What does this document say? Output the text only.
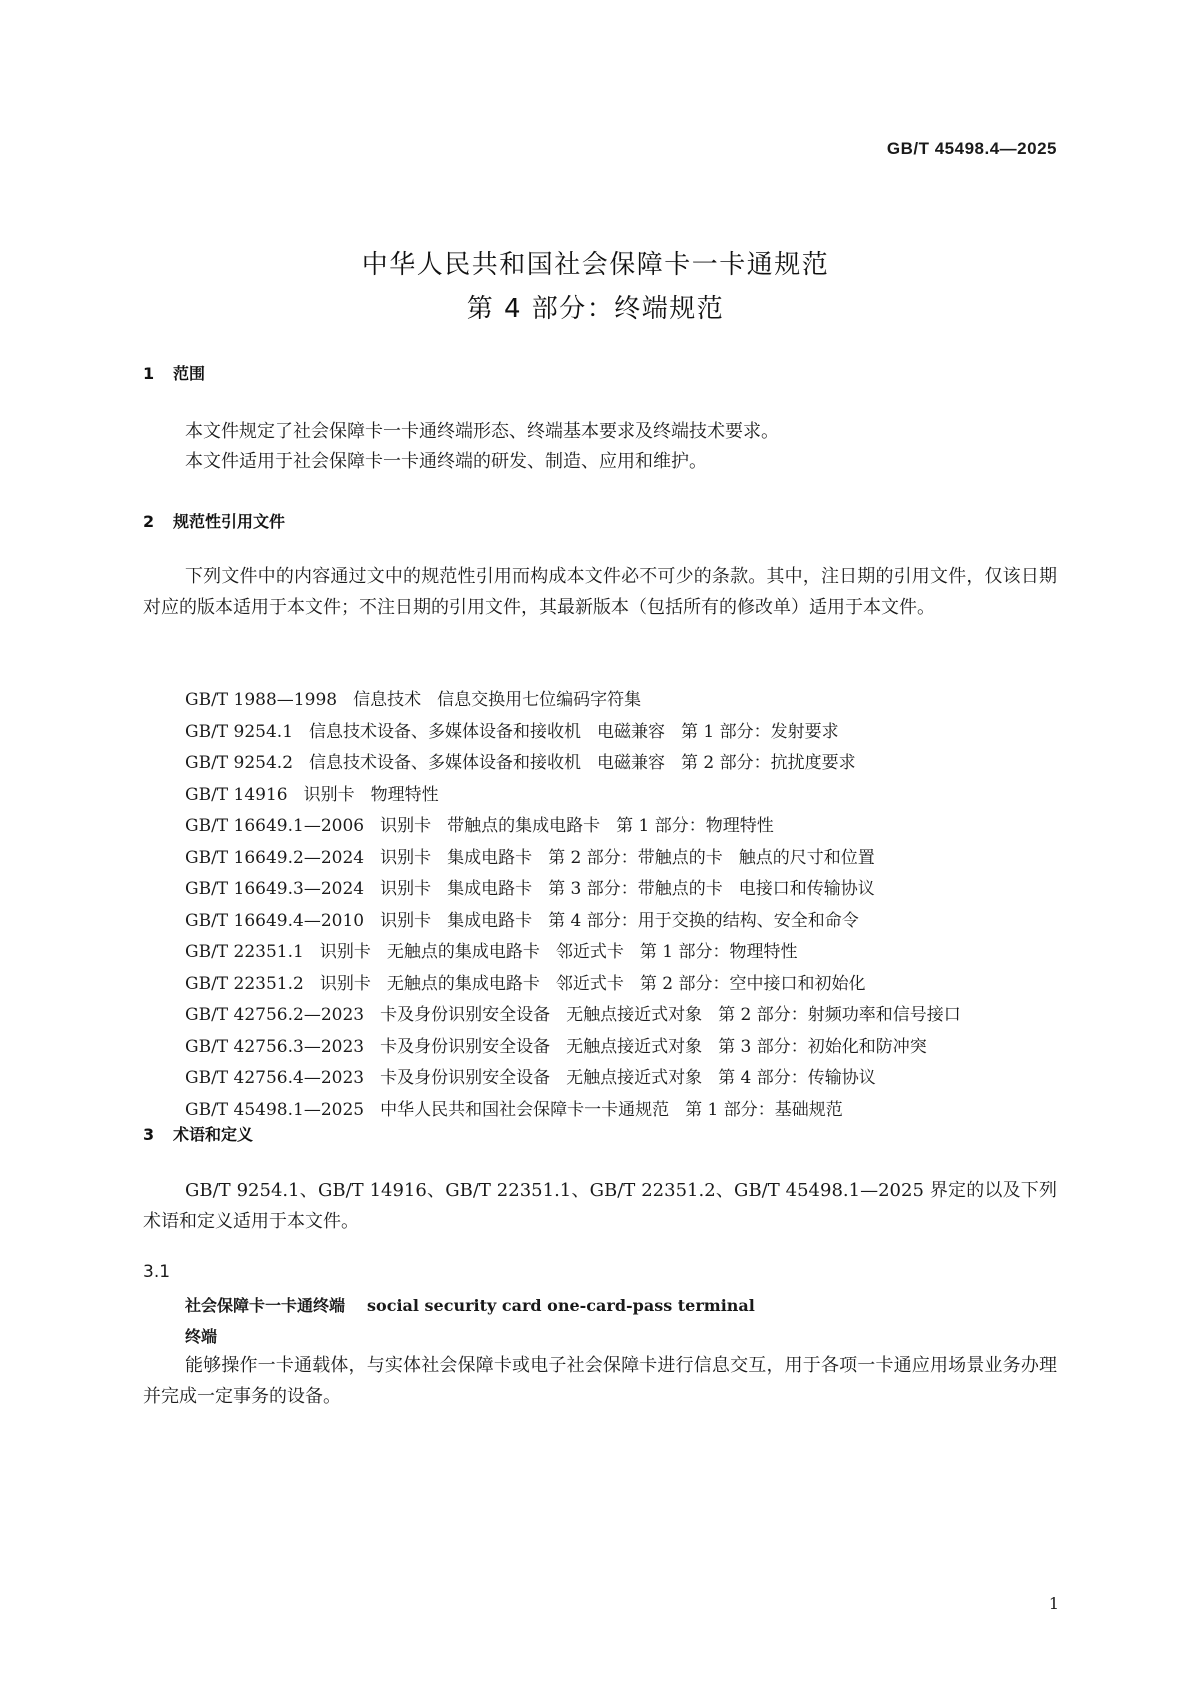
GB/T 45498.4—2025
中华人民共和国社会保障卡一卡通规范
第 4 部分：终端规范
1 范围
本文件规定了社会保障卡一卡通终端形态、终端基本要求及终端技术要求。
本文件适用于社会保障卡一卡通终端的研发、制造、应用和维护。
2 规范性引用文件
下列文件中的内容通过文中的规范性引用而构成本文件必不可少的条款。其中，注日期的引用文件，仅该日期对应的版本适用于本文件；不注日期的引用文件，其最新版本（包括所有的修改单）适用于本文件。
GB/T 1988—1998 信息技术 信息交换用七位编码字符集
GB/T 9254.1 信息技术设备、多媒体设备和接收机 电磁兼容 第 1 部分：发射要求
GB/T 9254.2 信息技术设备、多媒体设备和接收机 电磁兼容 第 2 部分：抗扰度要求
GB/T 14916 识别卡 物理特性
GB/T 16649.1—2006 识别卡 带触点的集成电路卡 第 1 部分：物理特性
GB/T 16649.2—2024 识别卡 集成电路卡 第 2 部分：带触点的卡 触点的尺寸和位置
GB/T 16649.3—2024 识别卡 集成电路卡 第 3 部分：带触点的卡 电接口和传输协议
GB/T 16649.4—2010 识别卡 集成电路卡 第 4 部分：用于交换的结构、安全和命令
GB/T 22351.1 识别卡 无触点的集成电路卡 邻近式卡 第 1 部分：物理特性
GB/T 22351.2 识别卡 无触点的集成电路卡 邻近式卡 第 2 部分：空中接口和初始化
GB/T 42756.2—2023 卡及身份识别安全设备 无触点接近式对象 第 2 部分：射频功率和信号接口
GB/T 42756.3—2023 卡及身份识别安全设备 无触点接近式对象 第 3 部分：初始化和防冲突
GB/T 42756.4—2023 卡及身份识别安全设备 无触点接近式对象 第 4 部分：传输协议
GB/T 45498.1—2025 中华人民共和国社会保障卡一卡通规范 第 1 部分：基础规范
3 术语和定义
GB/T 9254.1、GB/T 14916、GB/T 22351.1、GB/T 22351.2、GB/T 45498.1—2025 界定的以及下列术语和定义适用于本文件。
3.1
社会保障卡一卡通终端 social security card one-card-pass terminal
终端
能够操作一卡通载体，与实体社会保障卡或电子社会保障卡进行信息交互，用于各项一卡通应用场景业务办理并完成一定事务的设备。
1
